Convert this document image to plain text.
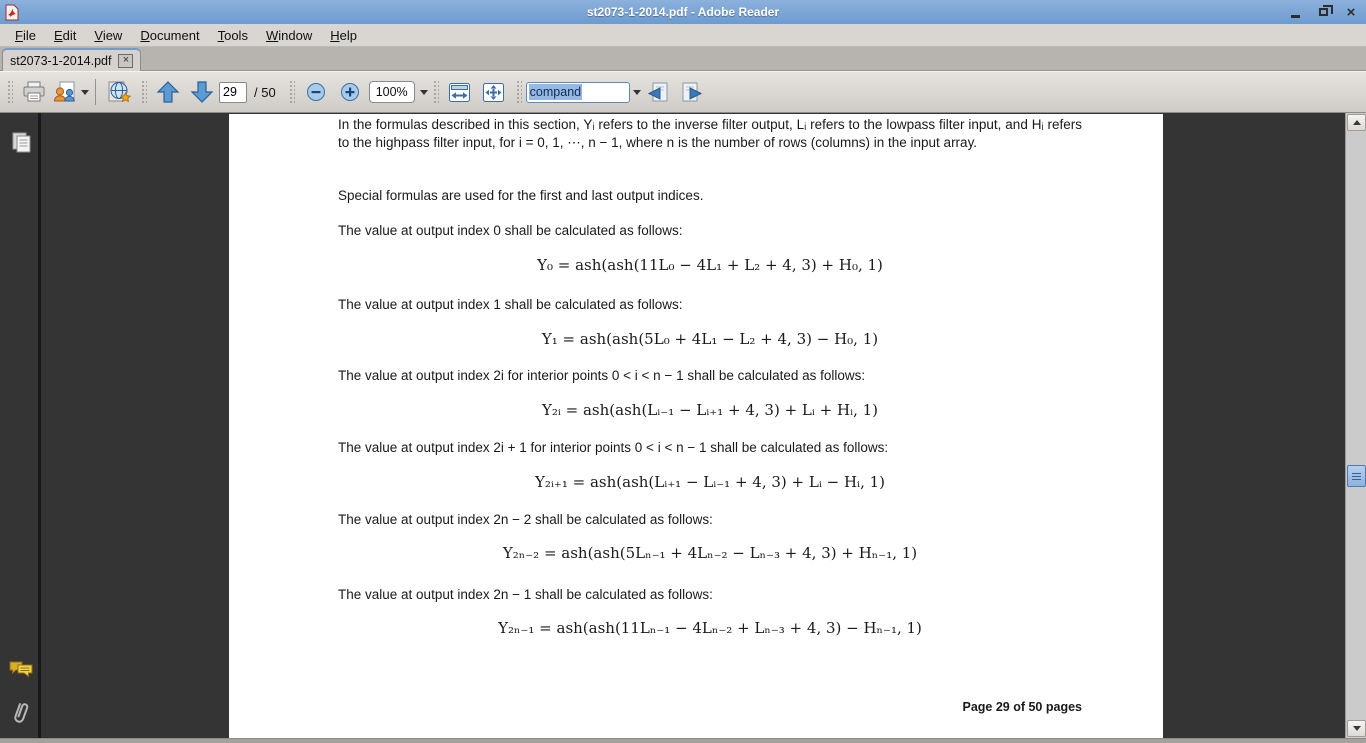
st2073-1-2014.pdf - Adobe Reader	×
File	Edit	View	Document	Tools	Window	Help
st2073-1-2014.pdf ×
29
/ 50	100%	compand

In the formulas described in this section, Yᵢ refers to the inverse filter output, Lᵢ refers to the lowpass filter input, and Hᵢ refers to the highpass filter input, for i = 0, 1, ⋯, n − 1, where n is the number of rows (columns) in the input array.

Special formulas are used for the first and last output indices.

The value at output index 0 shall be calculated as follows:

Y₀ = ash(ash(11L₀ − 4L₁ + L₂ + 4, 3) + H₀, 1)

The value at output index 1 shall be calculated as follows:

Y₁ = ash(ash(5L₀ + 4L₁ − L₂ + 4, 3) − H₀, 1)

The value at output index 2i for interior points 0 < i < n − 1 shall be calculated as follows:

Y₂ᵢ = ash(ash(Lᵢ₋₁ − Lᵢ₊₁ + 4, 3) + Lᵢ + Hᵢ, 1)

The value at output index 2i + 1 for interior points 0 < i < n − 1 shall be calculated as follows:

Y₂ᵢ₊₁ = ash(ash(Lᵢ₊₁ − Lᵢ₋₁ + 4, 3) + Lᵢ − Hᵢ, 1)

The value at output index 2n − 2 shall be calculated as follows:

Y₂ₙ₋₂ = ash(ash(5Lₙ₋₁ + 4Lₙ₋₂ − Lₙ₋₃ + 4, 3) + Hₙ₋₁, 1)

The value at output index 2n − 1 shall be calculated as follows:

Y₂ₙ₋₁ = ash(ash(11Lₙ₋₁ − 4Lₙ₋₂ + Lₙ₋₃ + 4, 3) − Hₙ₋₁, 1)

Page 29 of 50 pages
